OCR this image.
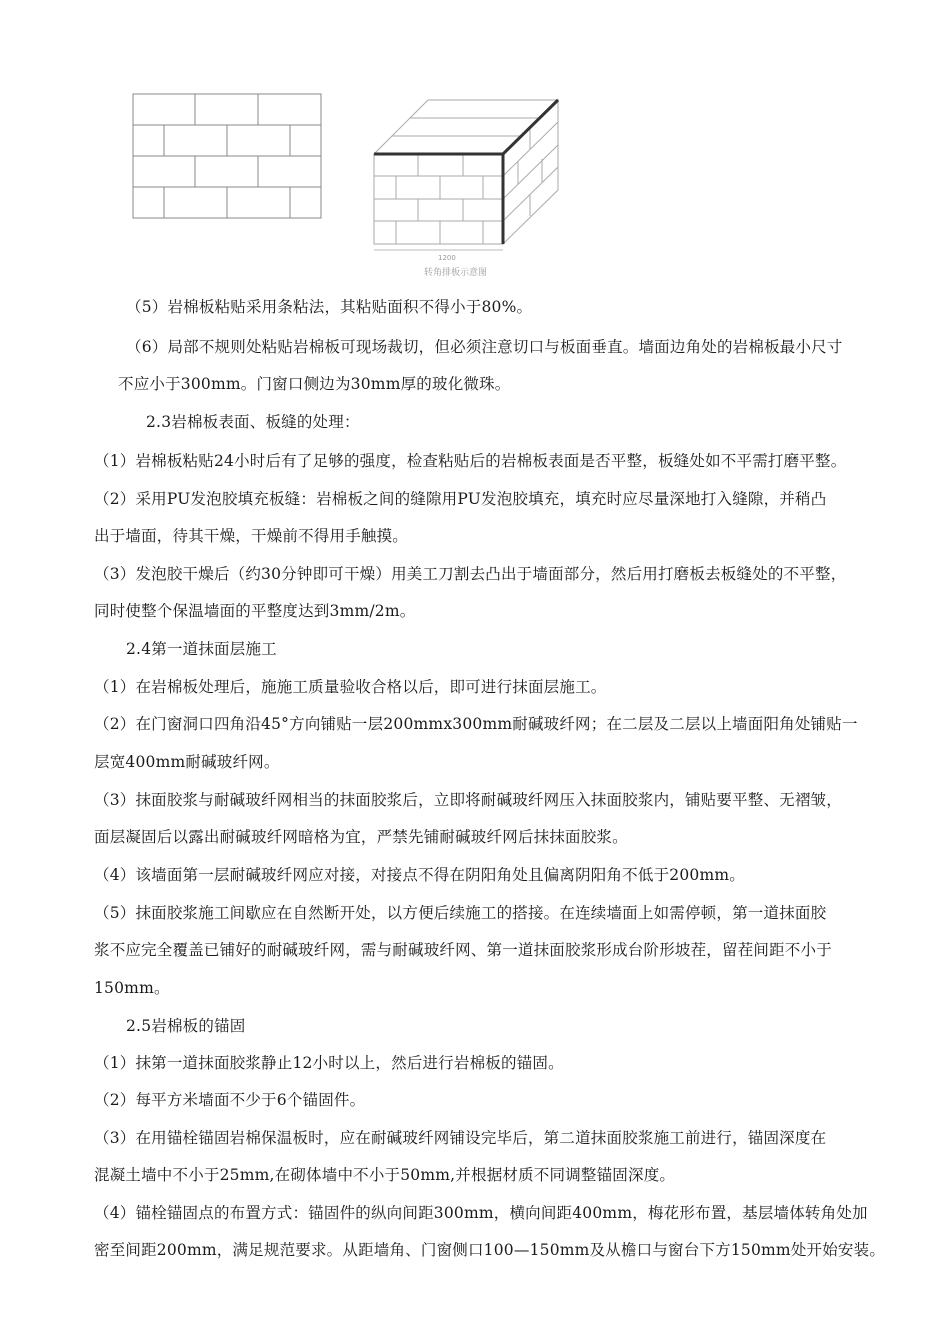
1200
转角排板示意图
（5）岩棉板粘贴采用条粘法，其粘贴面积不得小于80%。
（6）局部不规则处粘贴岩棉板可现场裁切，但必须注意切口与板面垂直。墙面边角处的岩棉板最小尺寸
不应小于300mm。门窗口侧边为30mm厚的玻化微珠。
2.3岩棉板表面、板缝的处理：
（1）岩棉板粘贴24小时后有了足够的强度，检查粘贴后的岩棉板表面是否平整，板缝处如不平需打磨平整。
（2）采用PU发泡胶填充板缝：岩棉板之间的缝隙用PU发泡胶填充，填充时应尽量深地打入缝隙，并稍凸
出于墙面，待其干燥，干燥前不得用手触摸。
（3）发泡胶干燥后（约30分钟即可干燥）用美工刀割去凸出于墙面部分，然后用打磨板去板缝处的不平整，
同时使整个保温墙面的平整度达到3mm/2m。
2.4第一道抹面层施工
（1）在岩棉板处理后，施施工质量验收合格以后，即可进行抹面层施工。
（2）在门窗洞口四角沿45°方向铺贴一层200mmx300mm耐碱玻纤网；在二层及二层以上墙面阳角处铺贴一
层宽400mm耐碱玻纤网。
（3）抹面胶浆与耐碱玻纤网相当的抹面胶浆后，立即将耐碱玻纤网压入抹面胶浆内，铺贴要平整、无褶皱，
面层凝固后以露出耐碱玻纤网暗格为宜，严禁先铺耐碱玻纤网后抹抹面胶浆。
（4）该墙面第一层耐碱玻纤网应对接，对接点不得在阴阳角处且偏离阴阳角不低于200mm。
（5）抹面胶浆施工间歇应在自然断开处，以方便后续施工的搭接。在连续墙面上如需停顿，第一道抹面胶
浆不应完全覆盖已铺好的耐碱玻纤网，需与耐碱玻纤网、第一道抹面胶浆形成台阶形坡茬，留茬间距不小于
150mm。
2.5岩棉板的锚固
（1）抹第一道抹面胶浆静止12小时以上，然后进行岩棉板的锚固。
（2）每平方米墙面不少于6个锚固件。
（3）在用锚栓锚固岩棉保温板时，应在耐碱玻纤网铺设完毕后，第二道抹面胶浆施工前进行，锚固深度在
混凝土墙中不小于25mm,在砌体墙中不小于50mm,并根据材质不同调整锚固深度。
（4）锚栓锚固点的布置方式：锚固件的纵向间距300mm，横向间距400mm，梅花形布置，基层墙体转角处加
密至间距200mm，满足规范要求。从距墙角、门窗侧口100—150mm及从檐口与窗台下方150mm处开始安装。
